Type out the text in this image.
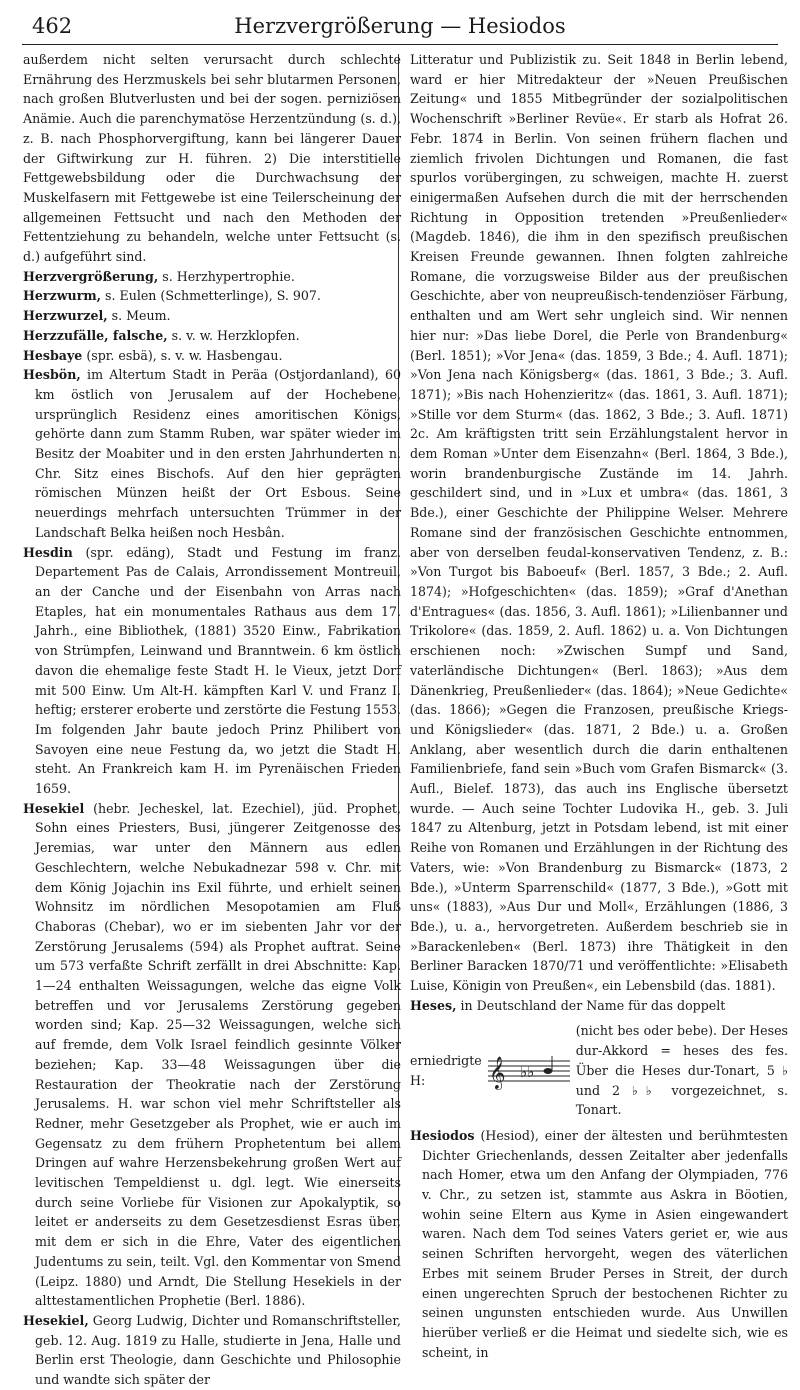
462	Herzvergrößerung — Hesiodos

außerdem nicht selten verursacht durch schlechte Ernährung des Herzmuskels bei sehr blutarmen Personen, nach großen Blutverlusten und bei der sogen. perniziösen Anämie. Auch die parenchymatöse Herzentzündung (s. d.), z. B. nach Phosphorvergiftung, kann bei längerer Dauer der Giftwirkung zur H. führen. 2) Die interstitielle Fettgewebsbildung oder die Durchwachsung der Muskelfasern mit Fettgewebe ist eine Teilerscheinung der allgemeinen Fettsucht und nach den Methoden der Fettentziehung zu behandeln, welche unter Fettsucht (s. d.) aufgeführt sind.

Herzvergrößerung, s. Herzhypertrophie.

Herzwurm, s. Eulen (Schmetterlinge), S. 907.

Herzwurzel, s. Meum.

Herzzufälle, falsche, s. v. w. Herzklopfen.

Hesbaye (spr. esbä), s. v. w. Hasbengau.

Hesbön, im Altertum Stadt in Peräa (Ostjordanland), 60 km östlich von Jerusalem auf der Hochebene, ursprünglich Residenz eines amoritischen Königs, gehörte dann zum Stamm Ruben, war später wieder im Besitz der Moabiter und in den ersten Jahrhunderten n. Chr. Sitz eines Bischofs. Auf den hier geprägten römischen Münzen heißt der Ort Esbous. Seine neuerdings mehrfach untersuchten Trümmer in der Landschaft Belka heißen noch Hesbân.

Hesdin (spr. edäng), Stadt und Festung im franz. Departement Pas de Calais, Arrondissement Montreuil, an der Canche und der Eisenbahn von Arras nach Etaples, hat ein monumentales Rathaus aus dem 17. Jahrh., eine Bibliothek, (1881) 3520 Einw., Fabrikation von Strümpfen, Leinwand und Branntwein. 6 km östlich davon die ehemalige feste Stadt H. le Vieux, jetzt Dorf mit 500 Einw. Um Alt-H. kämpften Karl V. und Franz I. heftig; ersterer eroberte und zerstörte die Festung 1553. Im folgenden Jahr baute jedoch Prinz Philibert von Savoyen eine neue Festung da, wo jetzt die Stadt H. steht. An Frankreich kam H. im Pyrenäischen Frieden 1659.

Hesekiel (hebr. Jecheskel, lat. Ezechiel), jüd. Prophet, Sohn eines Priesters, Busi, jüngerer Zeitgenosse des Jeremias, war unter den Männern aus edlen Geschlechtern, welche Nebukadnezar 598 v. Chr. mit dem König Jojachin ins Exil führte, und erhielt seinen Wohnsitz im nördlichen Mesopotamien am Fluß Chaboras (Chebar), wo er im siebenten Jahr vor der Zerstörung Jerusalems (594) als Prophet auftrat. Seine um 573 verfaßte Schrift zerfällt in drei Abschnitte: Kap. 1—24 enthalten Weissagungen, welche das eigne Volk betreffen und vor Jerusalems Zerstörung gegeben worden sind; Kap. 25—32 Weissagungen, welche sich auf fremde, dem Volk Israel feindlich gesinnte Völker beziehen; Kap. 33—48 Weissagungen über die Restauration der Theokratie nach der Zerstörung Jerusalems. H. war schon viel mehr Schriftsteller als Redner, mehr Gesetzgeber als Prophet, wie er auch im Gegensatz zu dem frühern Prophetentum bei allem Dringen auf wahre Herzensbekehrung großen Wert auf levitischen Tempeldienst u. dgl. legt. Wie einerseits durch seine Vorliebe für Visionen zur Apokalyptik, so leitet er anderseits zu dem Gesetzesdienst Esras über, mit dem er sich in die Ehre, Vater des eigentlichen Judentums zu sein, teilt. Vgl. den Kommentar von Smend (Leipz. 1880) und Arndt, Die Stellung Hesekiels in der alttestamentlichen Prophetie (Berl. 1886).

Hesekiel, Georg Ludwig, Dichter und Romanschriftsteller, geb. 12. Aug. 1819 zu Halle, studierte in Jena, Halle und Berlin erst Theologie, dann Geschichte und Philosophie und wandte sich später der

Litteratur und Publizistik zu. Seit 1848 in Berlin lebend, ward er hier Mitredakteur der »Neuen Preußischen Zeitung« und 1855 Mitbegründer der sozialpolitischen Wochenschrift »Berliner Revüe«. Er starb als Hofrat 26. Febr. 1874 in Berlin. Von seinen frühern flachen und ziemlich frivolen Dichtungen und Romanen, die fast spurlos vorübergingen, zu schweigen, machte H. zuerst einigermaßen Aufsehen durch die mit der herrschenden Richtung in Opposition tretenden »Preußenlieder« (Magdeb. 1846), die ihm in den spezifisch preußischen Kreisen Freunde gewannen. Ihnen folgten zahlreiche Romane, die vorzugsweise Bilder aus der preußischen Geschichte, aber von neupreußisch-tendenziöser Färbung, enthalten und am Wert sehr ungleich sind. Wir nennen hier nur: »Das liebe Dorel, die Perle von Brandenburg« (Berl. 1851); »Vor Jena« (das. 1859, 3 Bde.; 4. Aufl. 1871); »Von Jena nach Königsberg« (das. 1861, 3 Bde.; 3. Aufl. 1871); »Bis nach Hohenzieritz« (das. 1861, 3. Aufl. 1871); »Stille vor dem Sturm« (das. 1862, 3 Bde.; 3. Aufl. 1871) 2c. Am kräftigsten tritt sein Erzählungstalent hervor in dem Roman »Unter dem Eisenzahn« (Berl. 1864, 3 Bde.), worin brandenburgische Zustände im 14. Jahrh. geschildert sind, und in »Lux et umbra« (das. 1861, 3 Bde.), einer Geschichte der Philippine Welser. Mehrere Romane sind der französischen Geschichte entnommen, aber von derselben feudal-konservativen Tendenz, z. B.: »Von Turgot bis Baboeuf« (Berl. 1857, 3 Bde.; 2. Aufl. 1874); »Hofgeschichten« (das. 1859); »Graf d'Anethan d'Entragues« (das. 1856, 3. Aufl. 1861); »Lilienbanner und Trikolore« (das. 1859, 2. Aufl. 1862) u. a. Von Dichtungen erschienen noch: »Zwischen Sumpf und Sand, vaterländische Dichtungen« (Berl. 1863); »Aus dem Dänenkrieg, Preußenlieder« (das. 1864); »Neue Gedichte« (das. 1866); »Gegen die Franzosen, preußische Kriegs- und Königslieder« (das. 1871, 2 Bde.) u. a. Großen Anklang, aber wesentlich durch die darin enthaltenen Familienbriefe, fand sein »Buch vom Grafen Bismarck« (3. Aufl., Bielef. 1873), das auch ins Englische übersetzt wurde. — Auch seine Tochter Ludovika H., geb. 3. Juli 1847 zu Altenburg, jetzt in Potsdam lebend, ist mit einer Reihe von Romanen und Erzählungen in der Richtung des Vaters, wie: »Von Brandenburg zu Bismarck« (1873, 2 Bde.), »Unterm Sparrenschild« (1877, 3 Bde.), »Gott mit uns« (1883), »Aus Dur und Moll«, Erzählungen (1886, 3 Bde.), u. a., hervorgetreten. Außerdem beschrieb sie in »Barackenleben« (Berl. 1873) ihre Thätigkeit in den Berliner Baracken 1870/71 und veröffentlichte: »Elisabeth Luise, Königin von Preußen«, ein Lebensbild (das. 1881).

Heses, in Deutschland der Name für das doppelt

erniedrigte H:	𝄞 ♭♭
(nicht bes oder bebe). Der Heses dur-Akkord = heses des fes. Über die Heses dur-Tonart, 5 ♭ und 2 ♭♭ vorgezeichnet, s. Tonart.

Hesiodos (Hesiod), einer der ältesten und berühmtesten Dichter Griechenlands, dessen Zeitalter aber jedenfalls nach Homer, etwa um den Anfang der Olympiaden, 776 v. Chr., zu setzen ist, stammte aus Askra in Böotien, wohin seine Eltern aus Kyme in Asien eingewandert waren. Nach dem Tod seines Vaters geriet er, wie aus seinen Schriften hervorgeht, wegen des väterlichen Erbes mit seinem Bruder Perses in Streit, der durch einen ungerechten Spruch der bestochenen Richter zu seinen ungunsten entschieden wurde. Aus Unwillen hierüber verließ er die Heimat und siedelte sich, wie es scheint, in
